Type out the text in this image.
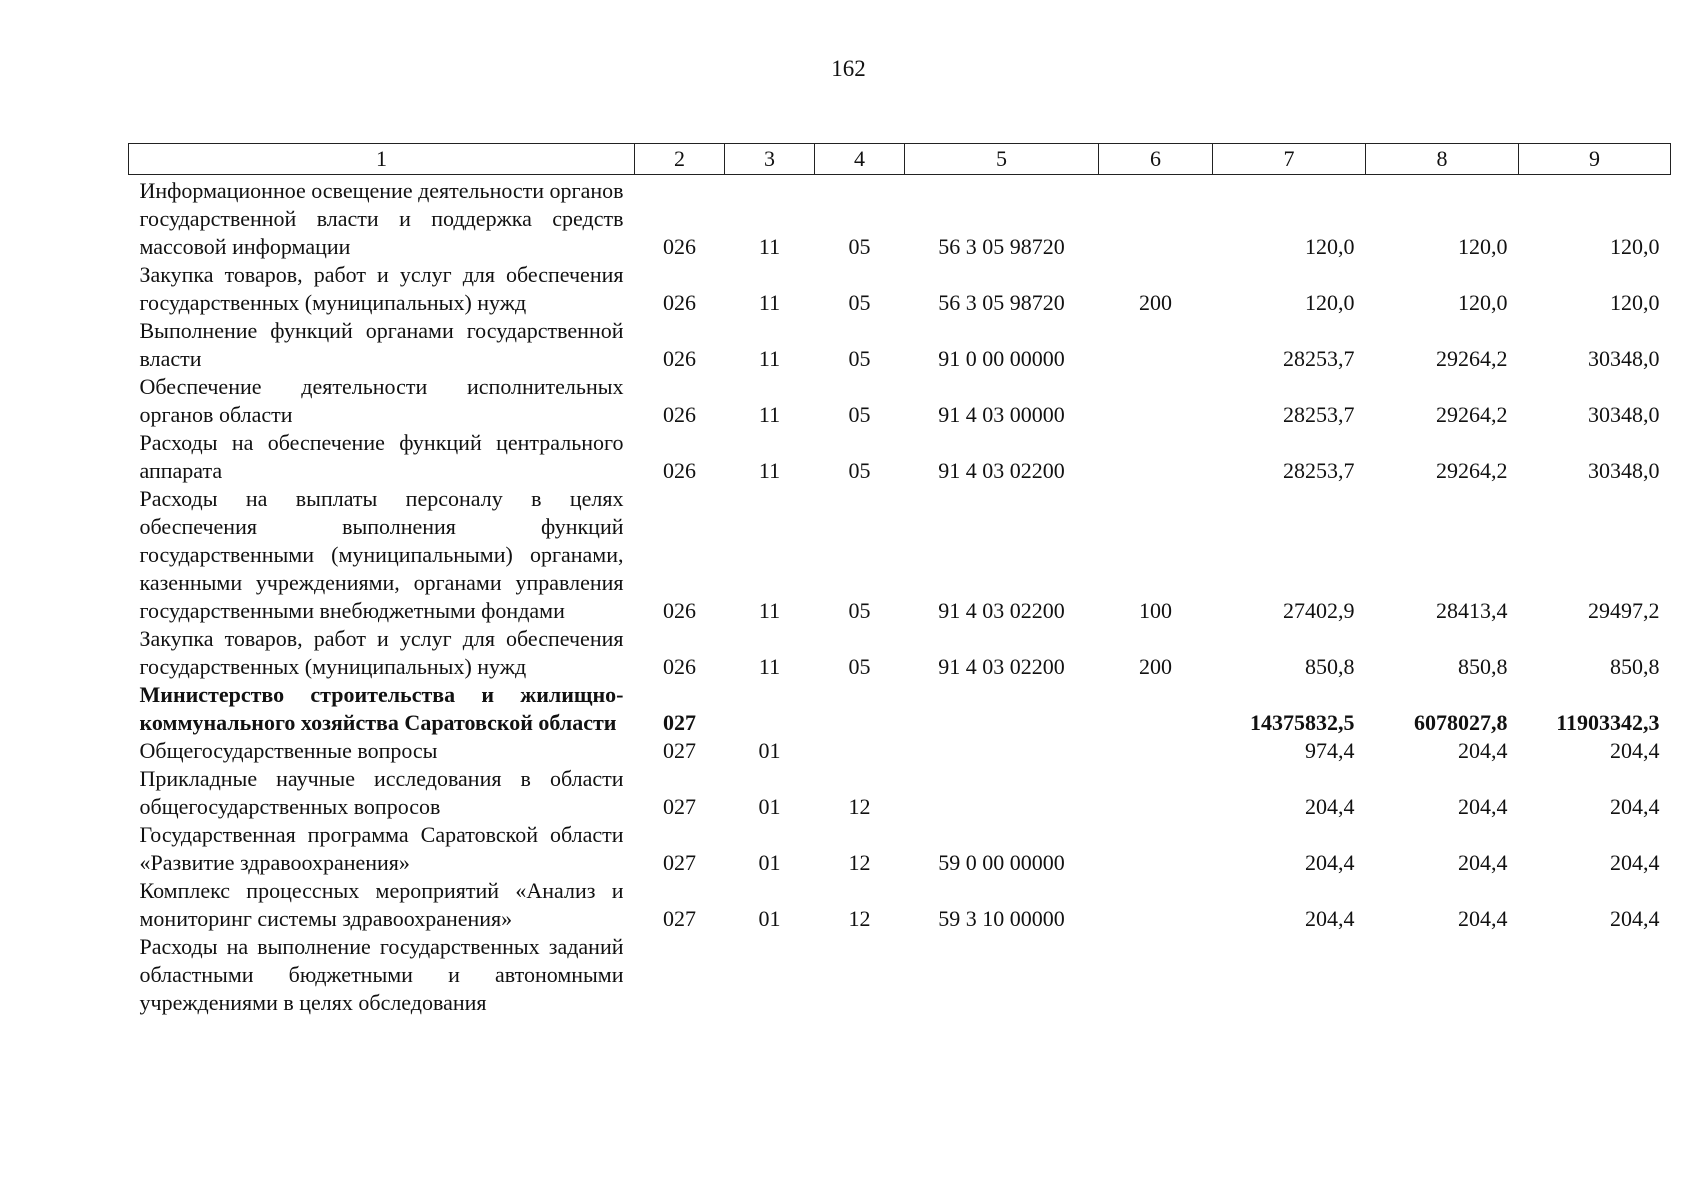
162
1	2	3	4	5	6	7	8	9
Информационное освещение деятельности органов государственной власти и поддержка средств массовой информации	026	11	05	56 3 05 98720		120,0	120,0	120,0
Закупка товаров, работ и услуг для обеспечения государственных (муниципальных) нужд	026	11	05	56 3 05 98720	200	120,0	120,0	120,0
Выполнение функций органами государственной власти	026	11	05	91 0 00 00000		28253,7	29264,2	30348,0
Обеспечение деятельности исполнительных органов области	026	11	05	91 4 03 00000		28253,7	29264,2	30348,0
Расходы на обеспечение функций центрального аппарата	026	11	05	91 4 03 02200		28253,7	29264,2	30348,0
Расходы на выплаты персоналу в целях обеспечения выполнения функций государственными (муниципальными) органами, казенными учреждениями, органами управления государственными внебюджетными фондами	026	11	05	91 4 03 02200	100	27402,9	28413,4	29497,2
Закупка товаров, работ и услуг для обеспечения государственных (муниципальных) нужд	026	11	05	91 4 03 02200	200	850,8	850,8	850,8
Министерство строительства и жилищно-коммунального хозяйства Саратовской области	027					14375832,5	6078027,8	11903342,3
Общегосударственные вопросы	027	01				974,4	204,4	204,4
Прикладные научные исследования в области общегосударственных вопросов	027	01	12			204,4	204,4	204,4
Государственная программа Саратовской области «Развитие здравоохранения»	027	01	12	59 0 00 00000		204,4	204,4	204,4
Комплекс процессных мероприятий «Анализ и мониторинг системы здравоохранения»	027	01	12	59 3 10 00000		204,4	204,4	204,4
Расходы на выполнение государственных заданий областными бюджетными и автономными учреждениями в целях обследования								
